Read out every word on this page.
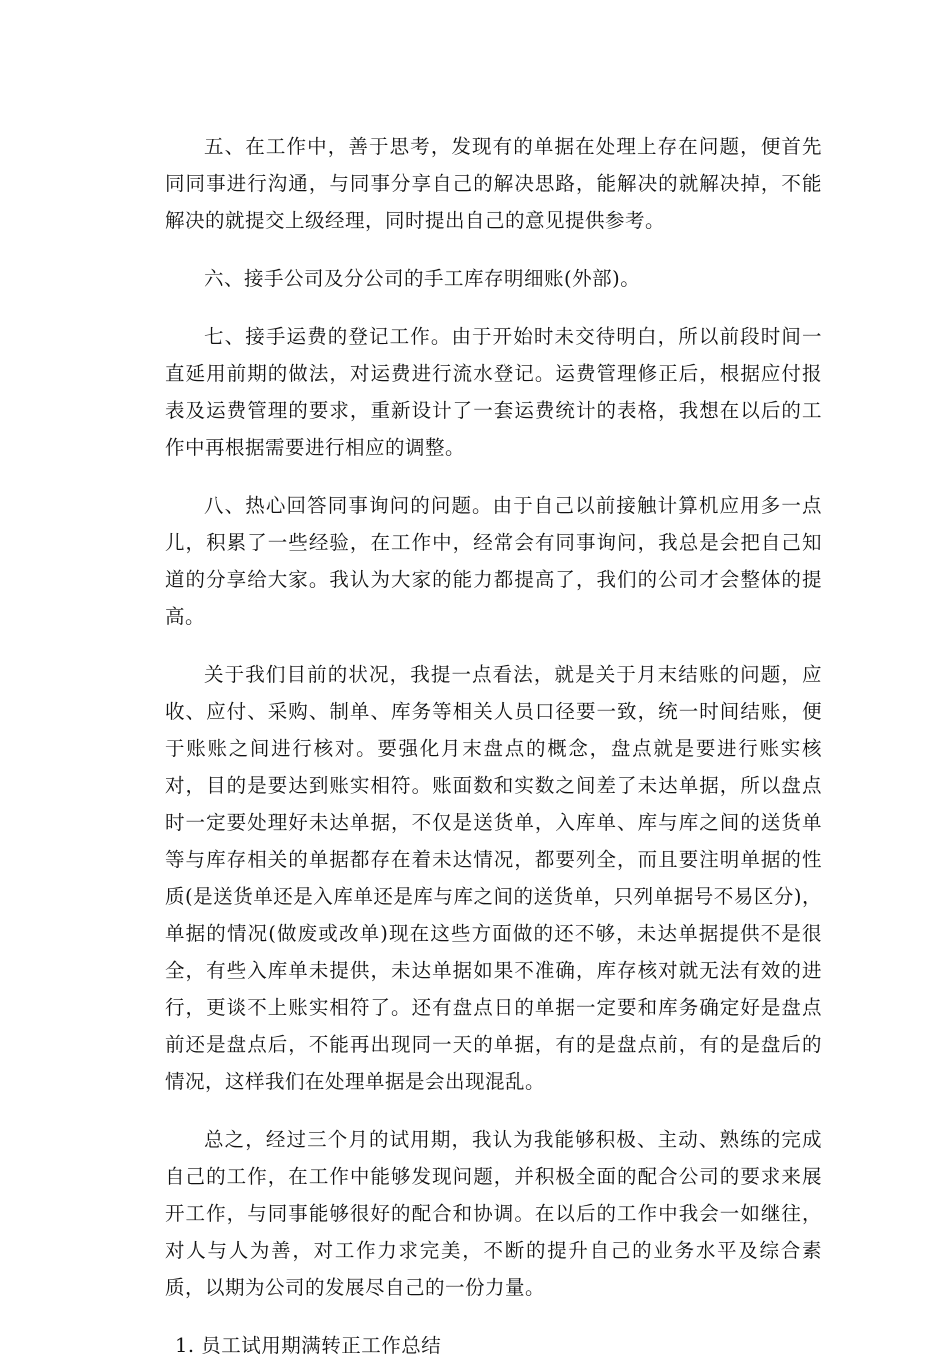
五、在工作中，善于思考，发现有的单据在处理上存在问题，便首先同同事进行沟通，与同事分享自己的解决思路，能解决的就解决掉，不能解决的就提交上级经理，同时提出自己的意见提供参考。

六、接手公司及分公司的手工库存明细账(外部)。

七、接手运费的登记工作。由于开始时未交待明白，所以前段时间一直延用前期的做法，对运费进行流水登记。运费管理修正后，根据应付报表及运费管理的要求，重新设计了一套运费统计的表格，我想在以后的工作中再根据需要进行相应的调整。

八、热心回答同事询问的问题。由于自己以前接触计算机应用多一点儿，积累了一些经验，在工作中，经常会有同事询问，我总是会把自己知道的分享给大家。我认为大家的能力都提高了，我们的公司才会整体的提高。

关于我们目前的状况，我提一点看法，就是关于月末结账的问题，应收、应付、采购、制单、库务等相关人员口径要一致，统一时间结账，便于账账之间进行核对。要强化月末盘点的概念，盘点就是要进行账实核对，目的是要达到账实相符。账面数和实数之间差了未达单据，所以盘点时一定要处理好未达单据，不仅是送货单，入库单、库与库之间的送货单等与库存相关的单据都存在着未达情况，都要列全，而且要注明单据的性质(是送货单还是入库单还是库与库之间的送货单，只列单据号不易区分)，单据的情况(做废或改单)现在这些方面做的还不够，未达单据提供不是很全，有些入库单未提供，未达单据如果不准确，库存核对就无法有效的进行，更谈不上账实相符了。还有盘点日的单据一定要和库务确定好是盘点前还是盘点后，不能再出现同一天的单据，有的是盘点前，有的是盘后的情况，这样我们在处理单据是会出现混乱。

总之，经过三个月的试用期，我认为我能够积极、主动、熟练的完成自己的工作，在工作中能够发现问题，并积极全面的配合公司的要求来展开工作，与同事能够很好的配合和协调。在以后的工作中我会一如继往，对人与人为善，对工作力求完美，不断的提升自己的业务水平及综合素质，以期为公司的发展尽自己的一份力量。

1. 员工试用期满转正工作总结
